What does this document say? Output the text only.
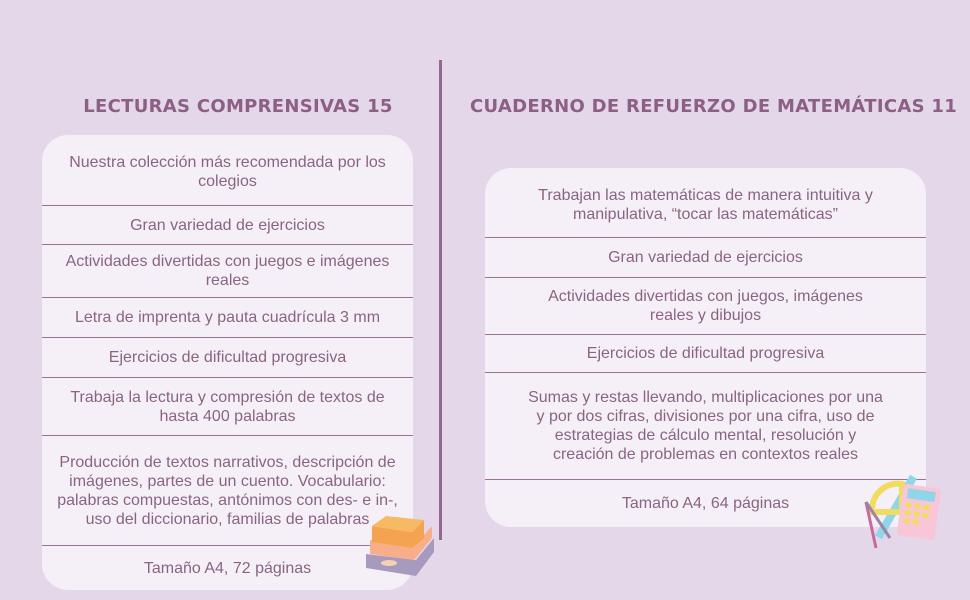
LECTURAS COMPRENSIVAS 15	CUADERNO DE REFUERZO DE MATEMÁTICAS 11
Nuestra colección más recomendada por los colegios
Gran variedad de ejercicios
Actividades divertidas con juegos e imágenes reales
Letra de imprenta y pauta cuadrícula 3 mm
Ejercicios de dificultad progresiva
Trabaja la lectura y compresión de textos de hasta 400 palabras
Producción de textos narrativos, descripción de imágenes, partes de un cuento. Vocabulario: palabras compuestas, antónimos con des- e in-, uso del diccionario, familias de palabras
Tamaño A4, 72 páginas
Trabajan las matemáticas de manera intuitiva y manipulativa, “tocar las matemáticas”
Gran variedad de ejercicios
Actividades divertidas con juegos, imágenes reales y dibujos
Ejercicios de dificultad progresiva
Sumas y restas llevando, multiplicaciones por una y por dos cifras, divisiones por una cifra, uso de estrategias de cálculo mental, resolución y creación de problemas en contextos reales
Tamaño A4, 64 páginas
